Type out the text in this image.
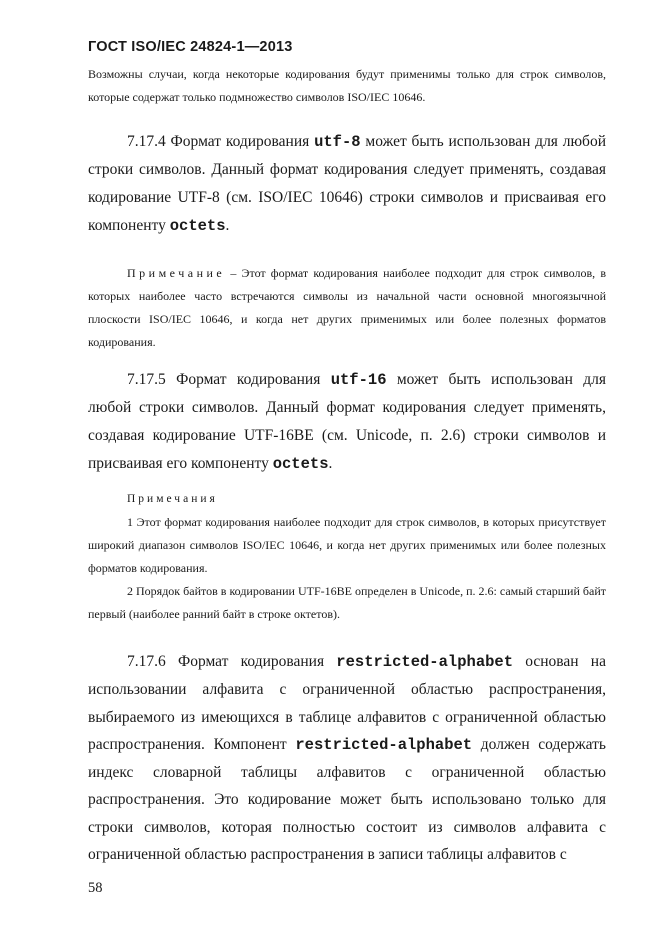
ГОСТ ISO/IEC 24824-1—2013

Возможны случаи, когда некоторые кодирования будут применимы только для строк символов, которые содержат только подмножество символов ISO/IEC 10646.

7.17.4 Формат кодирования utf-8 может быть использован для любой строки символов. Данный формат кодирования следует применять, создавая кодирование UTF-8 (см. ISO/IEC 10646) строки символов и присваивая его компоненту octets.

Примечание – Этот формат кодирования наиболее подходит для строк символов, в которых наиболее часто встречаются символы из начальной части основной многоязычной плоскости ISO/IEC 10646, и когда нет других применимых или более полезных форматов кодирования.

7.17.5 Формат кодирования utf-16 может быть использован для любой строки символов. Данный формат кодирования следует применять, создавая кодирование UTF-16BE (см. Unicode, п. 2.6) строки символов и присваивая его компоненту octets.

Примечания

1 Этот формат кодирования наиболее подходит для строк символов, в которых присутствует широкий диапазон символов ISO/IEC 10646, и когда нет других применимых или более полезных форматов кодирования.

2 Порядок байтов в кодировании UTF-16BE определен в Unicode, п. 2.6: самый старший байт первый (наиболее ранний байт в строке октетов).

7.17.6 Формат кодирования restricted-alphabet основан на использовании алфавита с ограниченной областью распространения, выбираемого из имеющихся в таблице алфавитов с ограниченной областью распространения. Компонент restricted-alphabet должен содержать индекс словарной таблицы алфавитов с ограниченной областью распространения. Это кодирование может быть использовано только для строки символов, которая полностью состоит из символов алфавита с ограниченной областью распространения в записи таблицы алфавитов с

58
